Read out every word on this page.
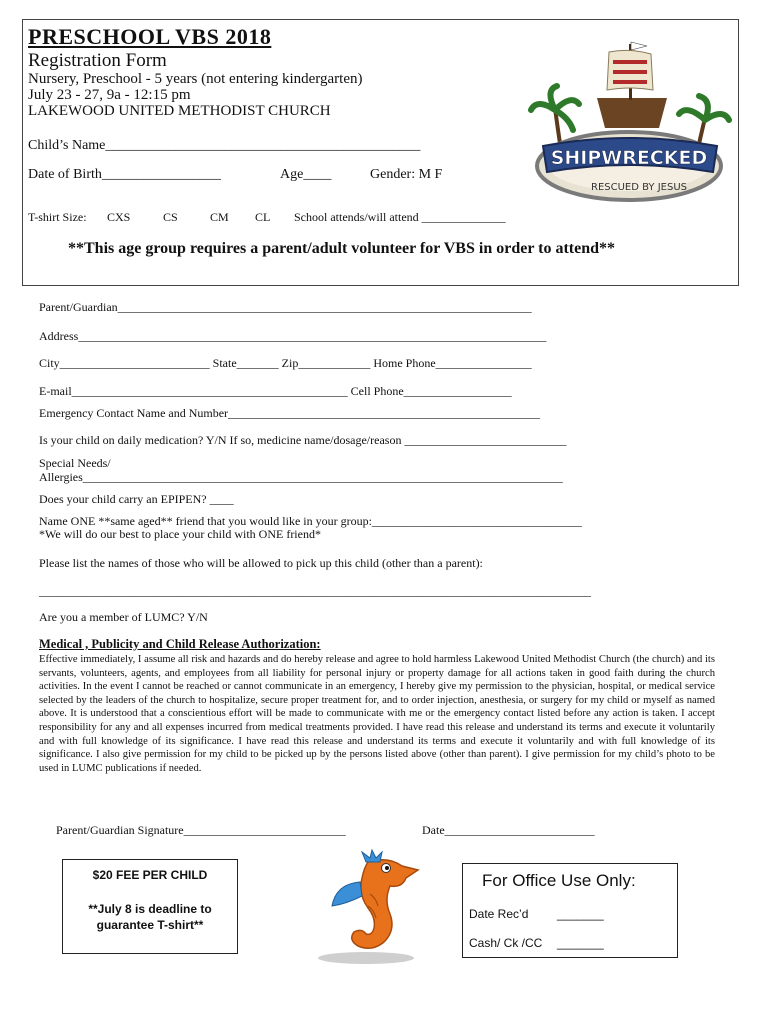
PRESCHOOL VBS 2018
Registration Form
Nursery, Preschool - 5 years (not entering kindergarten)
July 23 - 27, 9a - 12:15 pm
LAKEWOOD UNITED METHODIST CHURCH
Child’s Name_____________________________________________
Date of Birth_________________	Age____	Gender: M F
T-shirt Size: CXS	CS	CM CL School attends/will attend ______________
**This age group requires a parent/adult volunteer for VBS in order to attend**
SHIPWRECKED
RESCUED BY JESUS
Parent/Guardian_____________________________________________________________________
Address______________________________________________________________________________
City_________________________ State_______ Zip____________ Home Phone________________
E-mail______________________________________________ Cell Phone__________________
Emergency Contact Name and Number____________________________________________________
Is your child on daily medication? Y/N If so, medicine name/dosage/reason ___________________________
Special Needs/
Allergies________________________________________________________________________________
Does your child carry an EPIPEN? ____
Name ONE **same aged** friend that you would like in your group:___________________________________
*We will do our best to place your child with ONE friend*
Please list the names of those who will be allowed to pick up this child (other than a parent):
____________________________________________________________________________________________
Are you a member of LUMC? Y/N
Medical , Publicity and Child Release Authorization:
Effective immediately, I assume all risk and hazards and do hereby release and agree to hold harmless Lakewood United Methodist Church (the church) and its servants, volunteers, agents, and employees from all liability for personal injury or property damage for all actions taken in good faith during the church activities. In the event I cannot be reached or cannot communicate in an emergency, I hereby give my permission to the physician, hospital, or medical service selected by the leaders of the church to hospitalize, secure proper treatment for, and to order injection, anesthesia, or surgery for my child or myself as named above. It is understood that a conscientious effort will be made to communicate with me or the emergency contact listed before any action is taken. I accept responsibility for any and all expenses incurred from medical treatments provided. I have read this release and understand its terms and execute it voluntarily and with full knowledge of its significance. I have read this release and understand its terms and execute it voluntarily and with full knowledge of its significance. I also give permission for my child to be picked up by the persons listed above (other than parent). I give permission for my child’s photo to be used in LUMC publications if needed.
Parent/Guardian Signature___________________________	Date_________________________
$20 FEE PER CHILD
**July 8 is deadline to
guarantee T-shirt**
For Office Use Only:
Date Rec’d _______
Cash/ Ck /CC _______
